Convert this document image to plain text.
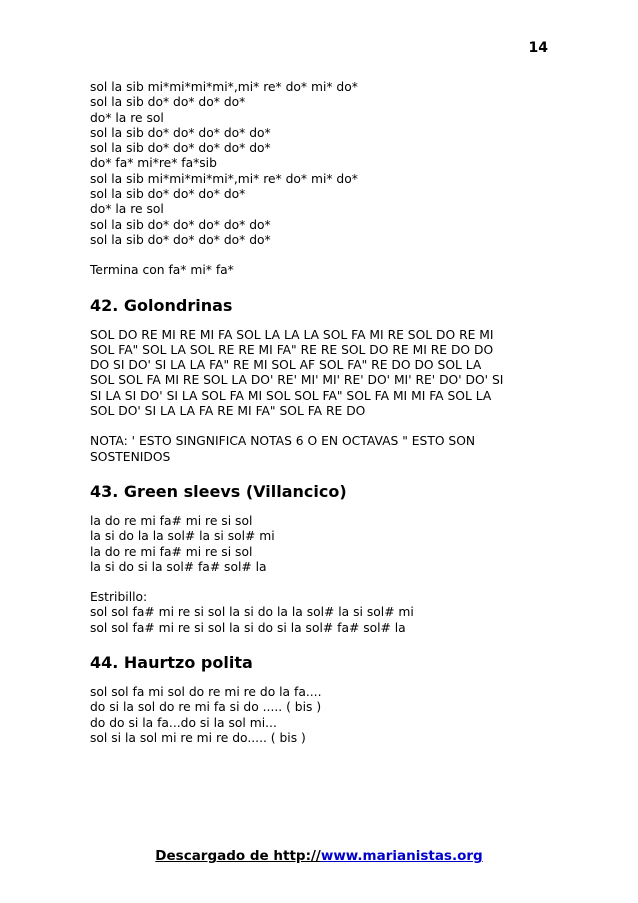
14

sol la sib mi*mi*mi*mi*,mi* re* do* mi* do*
sol la sib do* do* do* do*
do* la re sol
sol la sib do* do* do* do* do*
sol la sib do* do* do* do* do*
do* fa* mi*re* fa*sib
sol la sib mi*mi*mi*mi*,mi* re* do* mi* do*
sol la sib do* do* do* do*
do* la re sol
sol la sib do* do* do* do* do*
sol la sib do* do* do* do* do*

Termina con fa* mi* fa*

42. Golondrinas

SOL DO RE MI RE MI FA SOL LA LA LA SOL FA MI RE SOL DO RE MI
SOL FA" SOL LA SOL RE RE MI FA" RE RE SOL DO RE MI RE DO DO
DO SI DO' SI LA LA FA" RE MI SOL AF SOL FA" RE DO DO SOL LA
SOL SOL FA MI RE SOL LA DO' RE' MI' MI' RE' DO' MI' RE' DO' DO' SI
SI LA SI DO' SI LA SOL FA MI SOL SOL FA" SOL FA MI MI FA SOL LA
SOL DO' SI LA LA FA RE MI FA" SOL FA RE DO

NOTA: ' ESTO SINGNIFICA NOTAS 6 O EN OCTAVAS " ESTO SON
SOSTENIDOS

43. Green sleevs (Villancico)

la do re mi fa# mi re si sol
la si do la la sol# la si sol# mi
la do re mi fa# mi re si sol
la si do si la sol# fa# sol# la

Estribillo:
sol sol fa# mi re si sol la si do la la sol# la si sol# mi
sol sol fa# mi re si sol la si do si la sol# fa# sol# la

44. Haurtzo polita

sol sol fa mi sol do re mi re do la fa....
do si la sol do re mi fa si do ..... ( bis )
do do si la fa...do si la sol mi...
sol si la sol mi re mi re do..... ( bis )

Descargado de http://www.marianistas.org
